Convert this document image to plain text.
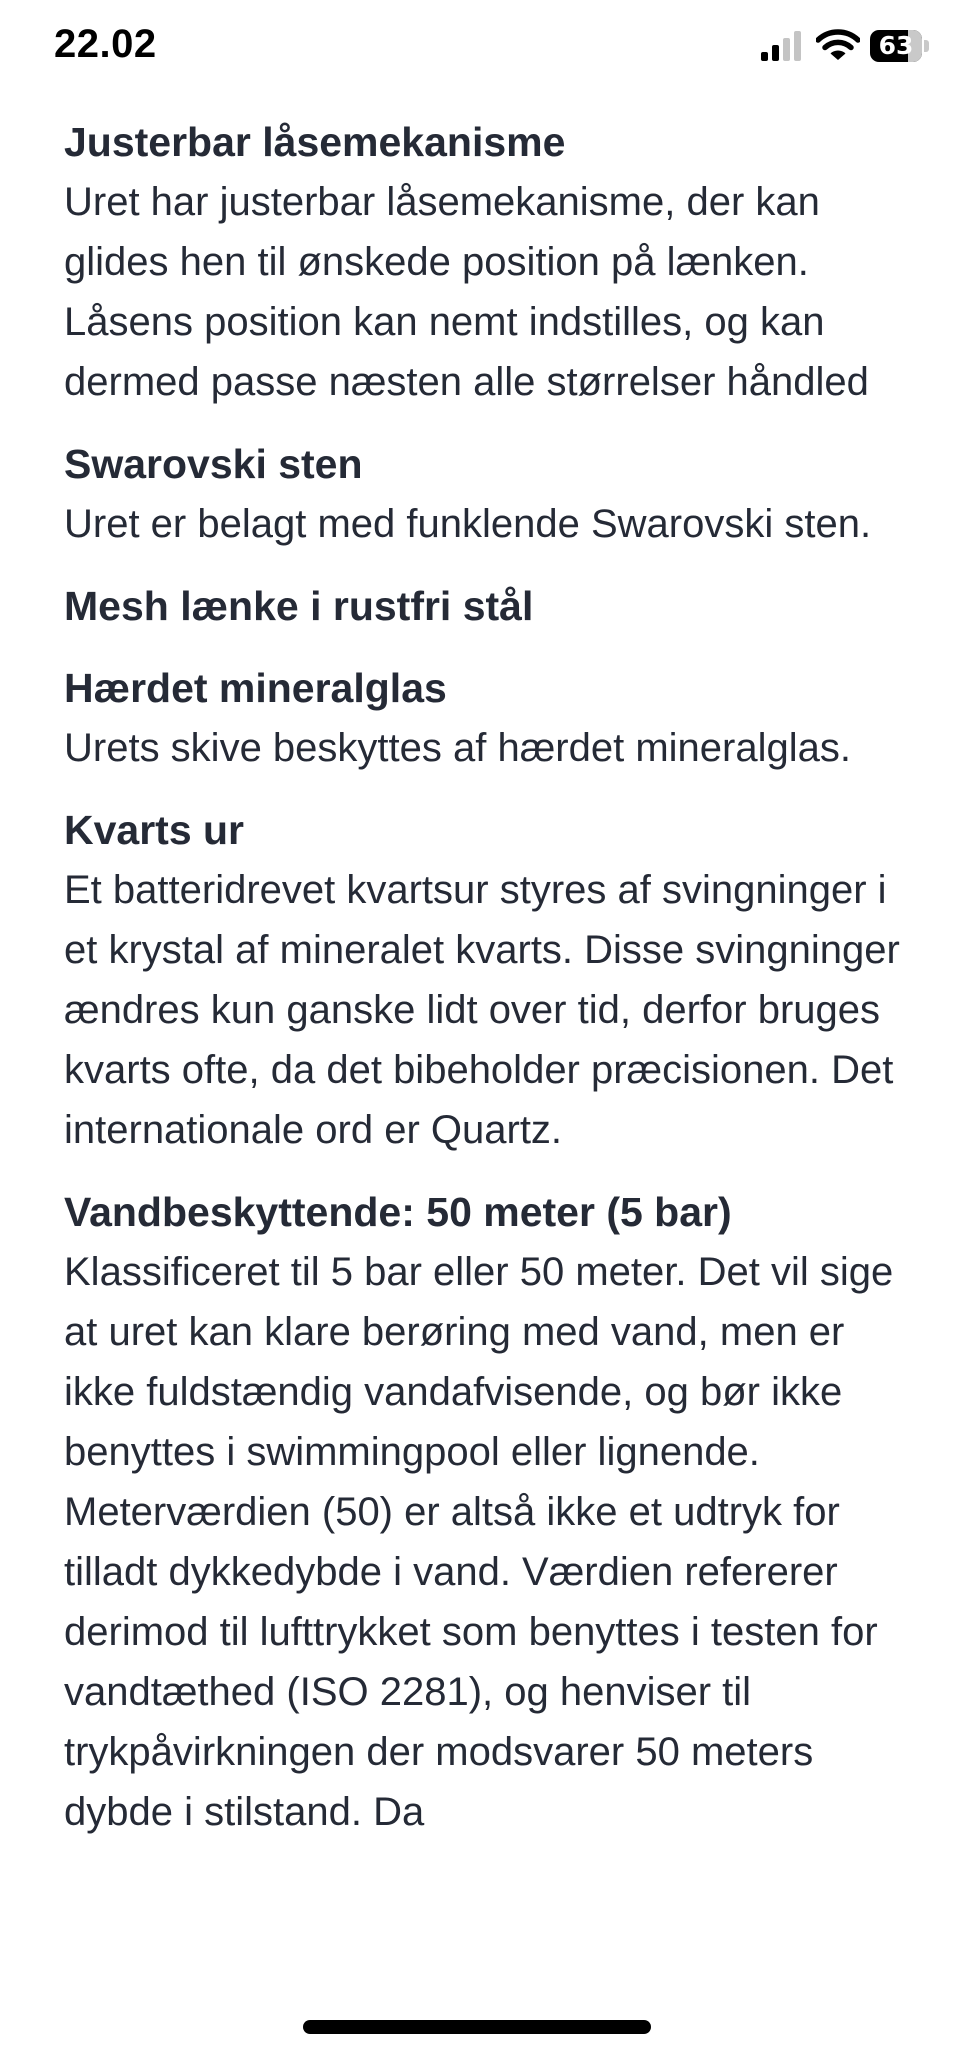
22.02	63
Justerbar låsemekanisme

Uret har justerbar låsemekanisme, der kan glides hen til ønskede position på lænken. Låsens position kan nemt indstilles, og kan dermed passe næsten alle størrelser håndled

Swarovski sten

Uret er belagt med funklende Swarovski sten.

Mesh lænke i rustfri stål
Hærdet mineralglas

Urets skive beskyttes af hærdet mineralglas.

Kvarts ur

Et batteridrevet kvartsur styres af svingninger i et krystal af mineralet kvarts. Disse svingninger ændres kun ganske lidt over tid, derfor bruges kvarts ofte, da det bibeholder præcisionen. Det internationale ord er Quartz.

Vandbeskyttende: 50 meter (5 bar)

Klassificeret til 5 bar eller 50 meter. Det vil sige at uret kan klare berøring med vand, men er ikke fuldstændig vandafvisende, og bør ikke benyttes i swimmingpool eller lignende. Meterværdien (50) er altså ikke et udtryk for tilladt dykkedybde i vand. Værdien refererer derimod til lufttrykket som benyttes i testen for vandtæthed (ISO 2281), og henviser til trykpåvirkningen der modsvarer 50 meters dybde i stilstand. Da
